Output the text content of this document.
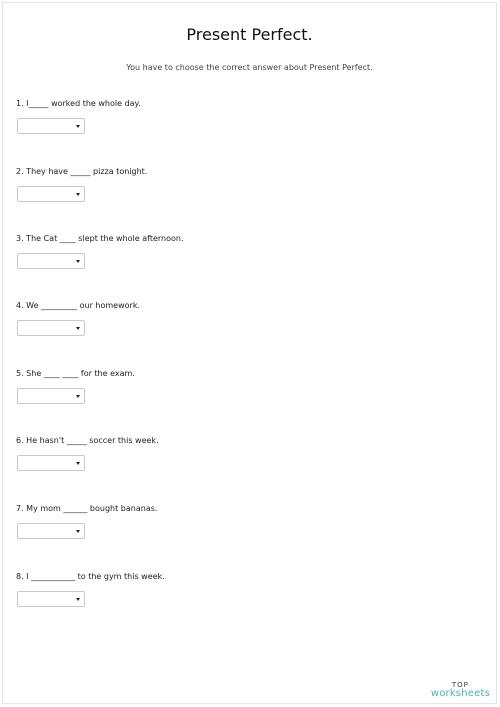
Present Perfect.
You have to choose the correct answer about Present Perfect.
1. I_____ worked the whole day.
2. They have _____ pizza tonight.
3. The Cat ____ slept the whole afternoon.
4. We _________ our homework.
5. She ____ ____ for the exam.
6. He hasn't _____ soccer this week.
7. My mom ______ bought bananas.
8. I ___________ to the gym this week.
TOP
worksheets
